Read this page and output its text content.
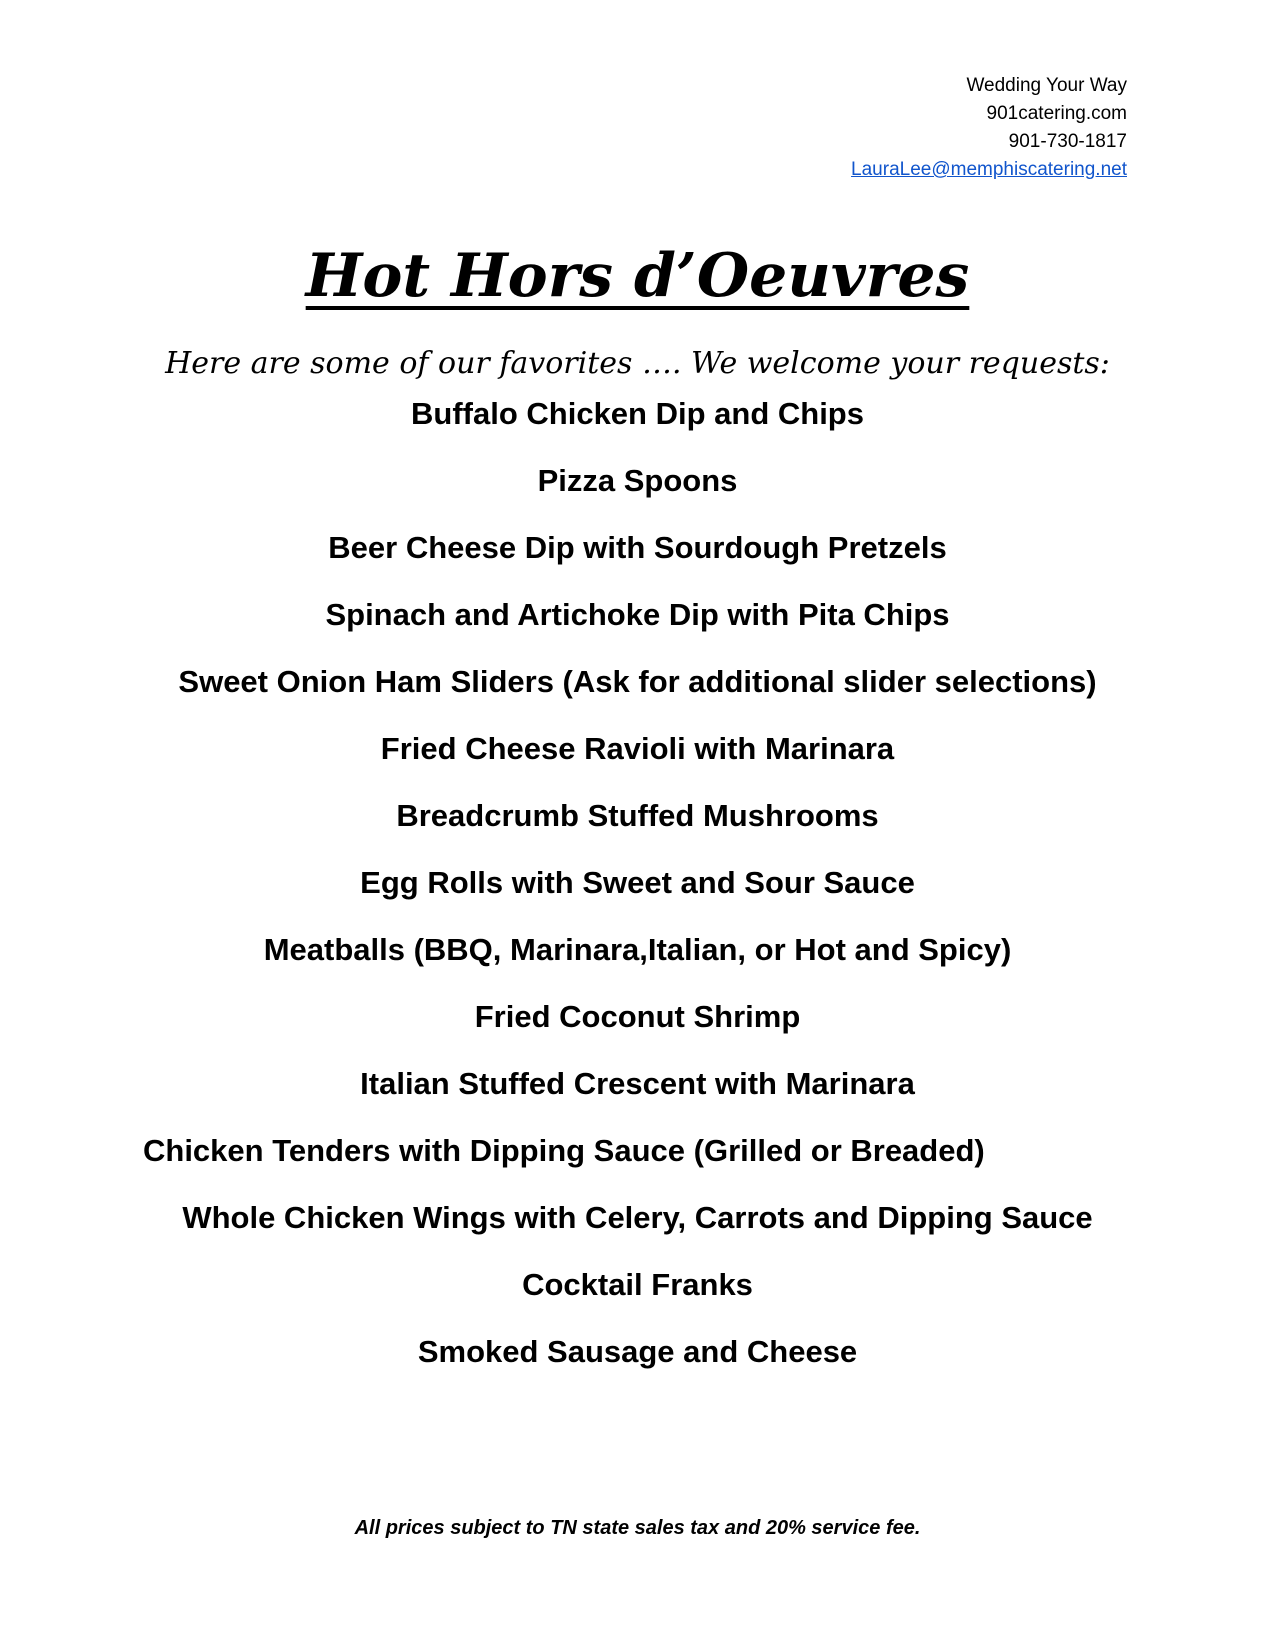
Wedding Your Way
901catering.com
901-730-1817
LauraLee@memphiscatering.net
Hot Hors d’Oeuvres
Here are some of our favorites …. We welcome your requests:
Buffalo Chicken Dip and Chips
Pizza Spoons
Beer Cheese Dip with Sourdough Pretzels
Spinach and Artichoke Dip with Pita Chips
Sweet Onion Ham Sliders (Ask for additional slider selections)
Fried Cheese Ravioli with Marinara
Breadcrumb Stuffed Mushrooms
Egg Rolls with Sweet and Sour Sauce
Meatballs (BBQ, Marinara,Italian, or Hot and Spicy)
Fried Coconut Shrimp
Italian Stuffed Crescent with Marinara
Chicken Tenders with Dipping Sauce (Grilled or Breaded)
Whole Chicken Wings with Celery, Carrots and Dipping Sauce
Cocktail Franks
Smoked Sausage and Cheese
All prices subject to TN state sales tax and 20% service fee.
